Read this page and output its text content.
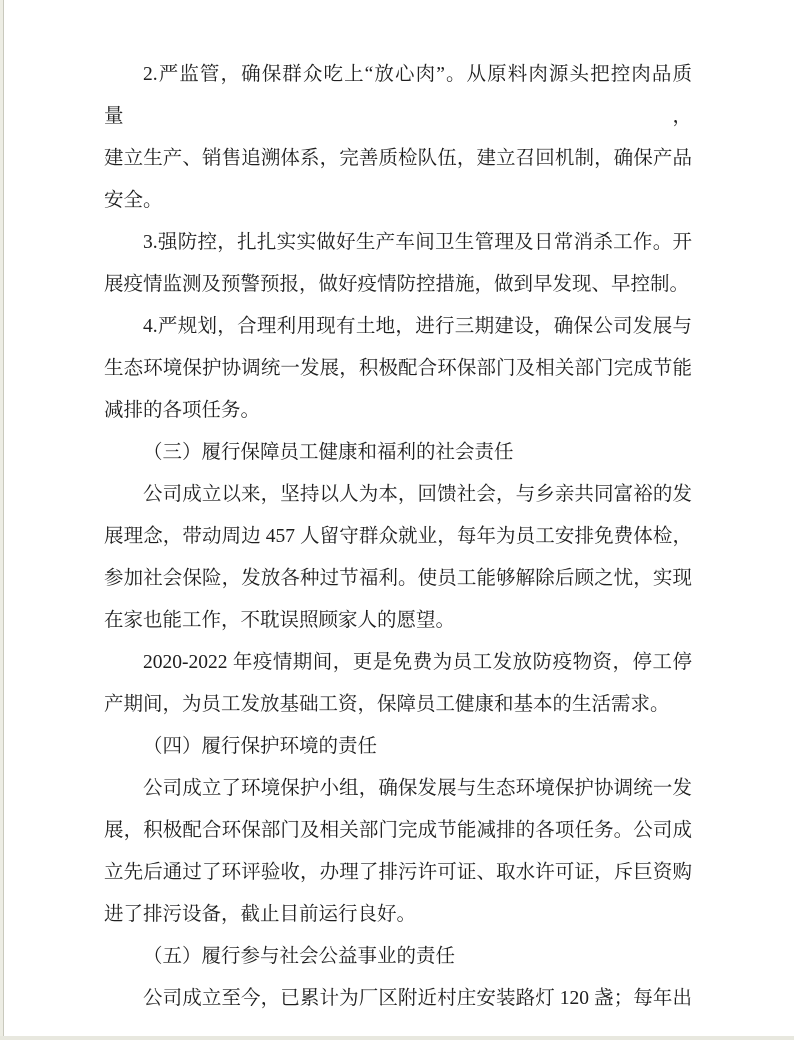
2.严监管，确保群众吃上“放心肉”。从原料肉源头把控肉品质量，
建立生产、销售追溯体系，完善质检队伍，建立召回机制，确保产品
安全。
3.强防控，扎扎实实做好生产车间卫生管理及日常消杀工作。开
展疫情监测及预警预报，做好疫情防控措施，做到早发现、早控制。
4.严规划，合理利用现有土地，进行三期建设，确保公司发展与
生态环境保护协调统一发展，积极配合环保部门及相关部门完成节能
减排的各项任务。
（三）履行保障员工健康和福利的社会责任
公司成立以来，坚持以人为本，回馈社会，与乡亲共同富裕的发
展理念，带动周边 457 人留守群众就业，每年为员工安排免费体检，
参加社会保险，发放各种过节福利。使员工能够解除后顾之忧，实现
在家也能工作，不耽误照顾家人的愿望。
2020-2022 年疫情期间，更是免费为员工发放防疫物资，停工停
产期间，为员工发放基础工资，保障员工健康和基本的生活需求。
（四）履行保护环境的责任
公司成立了环境保护小组，确保发展与生态环境保护协调统一发
展，积极配合环保部门及相关部门完成节能减排的各项任务。公司成
立先后通过了环评验收，办理了排污许可证、取水许可证，斥巨资购
进了排污设备，截止目前运行良好。
（五）履行参与社会公益事业的责任
公司成立至今，已累计为厂区附近村庄安装路灯 120 盏；每年出
